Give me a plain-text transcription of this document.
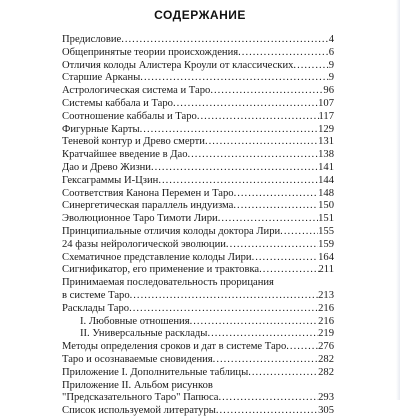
СОДЕРЖАНИЕ
Предисловие .....	4
Общепринятые теории происхождения .....	6
Отличия колоды Алистера Кроули от классических .....	9
Старшие Арканы .....	9
Астрологическая система и Таро .....	96
Системы каббала и Таро .....	107
Соотношение каббалы и Таро .....	117
Фигурные Карты .....	129
Теневой контур и Древо смерти .....	131
Кратчайшее введение в Дао .....	138
Дао и Древо Жизни .....	141
Гексаграммы И-Цзин .....	144
Соответствия Канона Перемен и Таро .....	148
Синергетическая параллель индуизма .....	150
Эволюционное Таро Тимоти Лири .....	151
Принципиальные отличия колоды доктора Лири .....	155
24 фазы нейрологической эволюции .....	159
Схематичное представление колоды Лири .....	164
Сигнификатор, его применение и трактовка .....	211
Принимаемая последовательность прорицания
в системе Таро .....	213
Расклады Таро .....	216
I. Любовные отношения .....	216
II. Универсальные расклады .....	219
Методы определения сроков и дат в системе Таро .....	276
Таро и осознаваемые сновидения .....	282
Приложение I. Дополнительные таблицы .....	282
Приложение II. Альбом рисунков
"Предсказательного Таро" Папюса .....	293
Список используемой литературы .....	305
